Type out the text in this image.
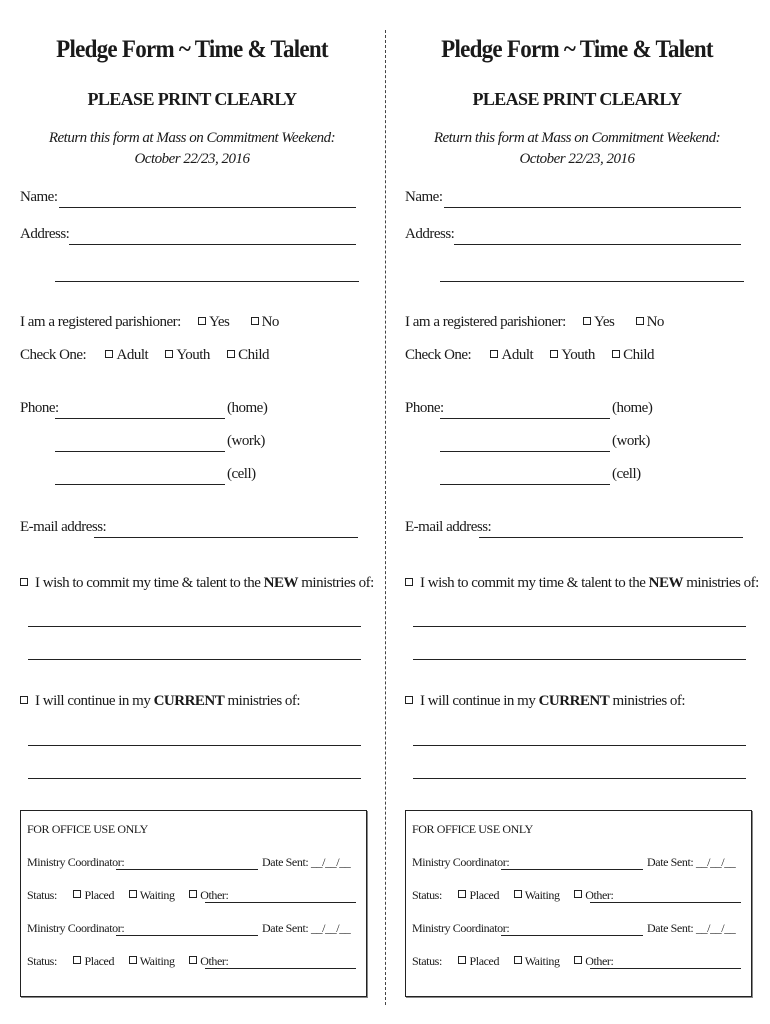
Pledge Form ~ Time & Talent
PLEASE PRINT CLEARLY
Return this form at Mass on Commitment Weekend:
October 22/23, 2016
Name:
Address:
I am a registered parishioner: Yes No
Check One: Adult Youth Child
Phone:	(home)
(work)
(cell)
E-mail address:
I wish to commit my time & talent to the NEW ministries of:
I will continue in my CURRENT ministries of:
FOR OFFICE USE ONLY
Ministry Coordinator:	Date Sent: __/__/__
Status: Placed Waiting Other:
Ministry Coordinator:	Date Sent: __/__/__
Status: Placed Waiting Other:
Pledge Form ~ Time & Talent
PLEASE PRINT CLEARLY
Return this form at Mass on Commitment Weekend:
October 22/23, 2016
Name:
Address:
I am a registered parishioner: Yes No
Check One: Adult Youth Child
Phone:	(home)
(work)
(cell)
E-mail address:
I wish to commit my time & talent to the NEW ministries of:
I will continue in my CURRENT ministries of:
FOR OFFICE USE ONLY
Ministry Coordinator:	Date Sent: __/__/__
Status: Placed Waiting Other:
Ministry Coordinator:	Date Sent: __/__/__
Status: Placed Waiting Other:
